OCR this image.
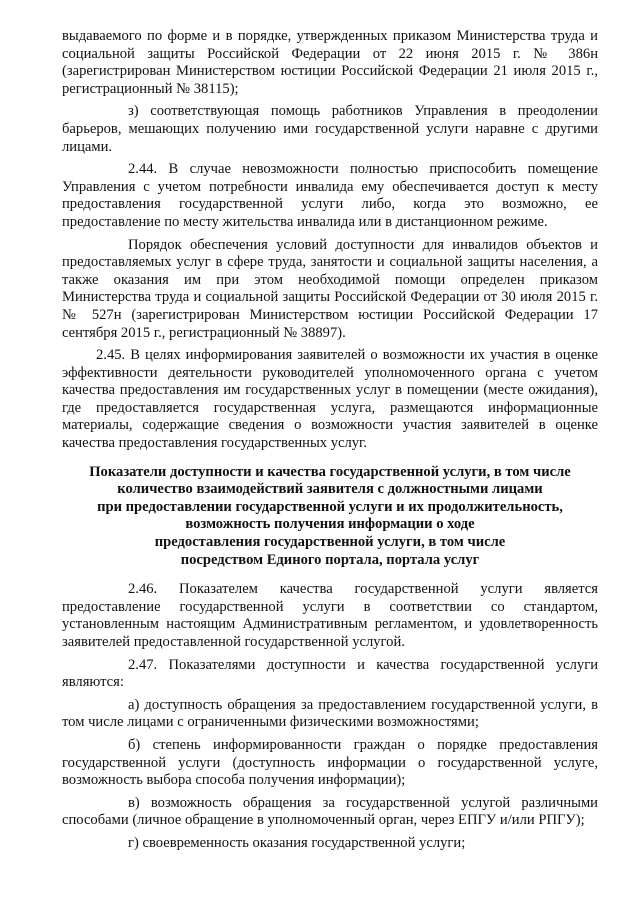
выдаваемого по форме и в порядке, утвержденных приказом Министерства труда и социальной защиты Российской Федерации от 22 июня 2015 г. № 386н (зарегистрирован Министерством юстиции Российской Федерации 21 июля 2015 г., регистрационный № 38115);

з) соответствующая помощь работников Управления в преодолении барьеров, мешающих получению ими государственной услуги наравне с другими лицами.

2.44. В случае невозможности полностью приспособить помещение Управления с учетом потребности инвалида ему обеспечивается доступ к месту предоставления государственной услуги либо, когда это возможно, ее предоставление по месту жительства инвалида или в дистанционном режиме.

Порядок обеспечения условий доступности для инвалидов объектов и предоставляемых услуг в сфере труда, занятости и социальной защиты населения, а также оказания им при этом необходимой помощи определен приказом Министерства труда и социальной защиты Российской Федерации от 30 июля 2015 г. № 527н (зарегистрирован Министерством юстиции Российской Федерации 17 сентября 2015 г., регистрационный № 38897).

2.45. В целях информирования заявителей о возможности их участия в оценке эффективности деятельности руководителей уполномоченного органа с учетом качества предоставления им государственных услуг в помещении (месте ожидания), где предоставляется государственная услуга, размещаются информационные материалы, содержащие сведения о возможности участия заявителей в оценке качества предоставления государственных услуг.

Показатели доступности и качества государственной услуги, в том числе
количество взаимодействий заявителя с должностными лицами
при предоставлении государственной услуги и их продолжительность,
возможность получения информации о ходе
предоставления государственной услуги, в том числе
посредством Единого портала, портала услуг

2.46. Показателем качества государственной услуги является предоставление государственной услуги в соответствии со стандартом, установленным настоящим Административным регламентом, и удовлетворенность заявителей предоставленной государственной услугой.

2.47. Показателями доступности и качества государственной услуги являются:

а) доступность обращения за предоставлением государственной услуги, в том числе лицами с ограниченными физическими возможностями;

б) степень информированности граждан о порядке предоставления государственной услуги (доступность информации о государственной услуге, возможность выбора способа получения информации);

в) возможность обращения за государственной услугой различными способами (личное обращение в уполномоченный орган, через ЕПГУ и/или РПГУ);

г) своевременность оказания государственной услуги;
